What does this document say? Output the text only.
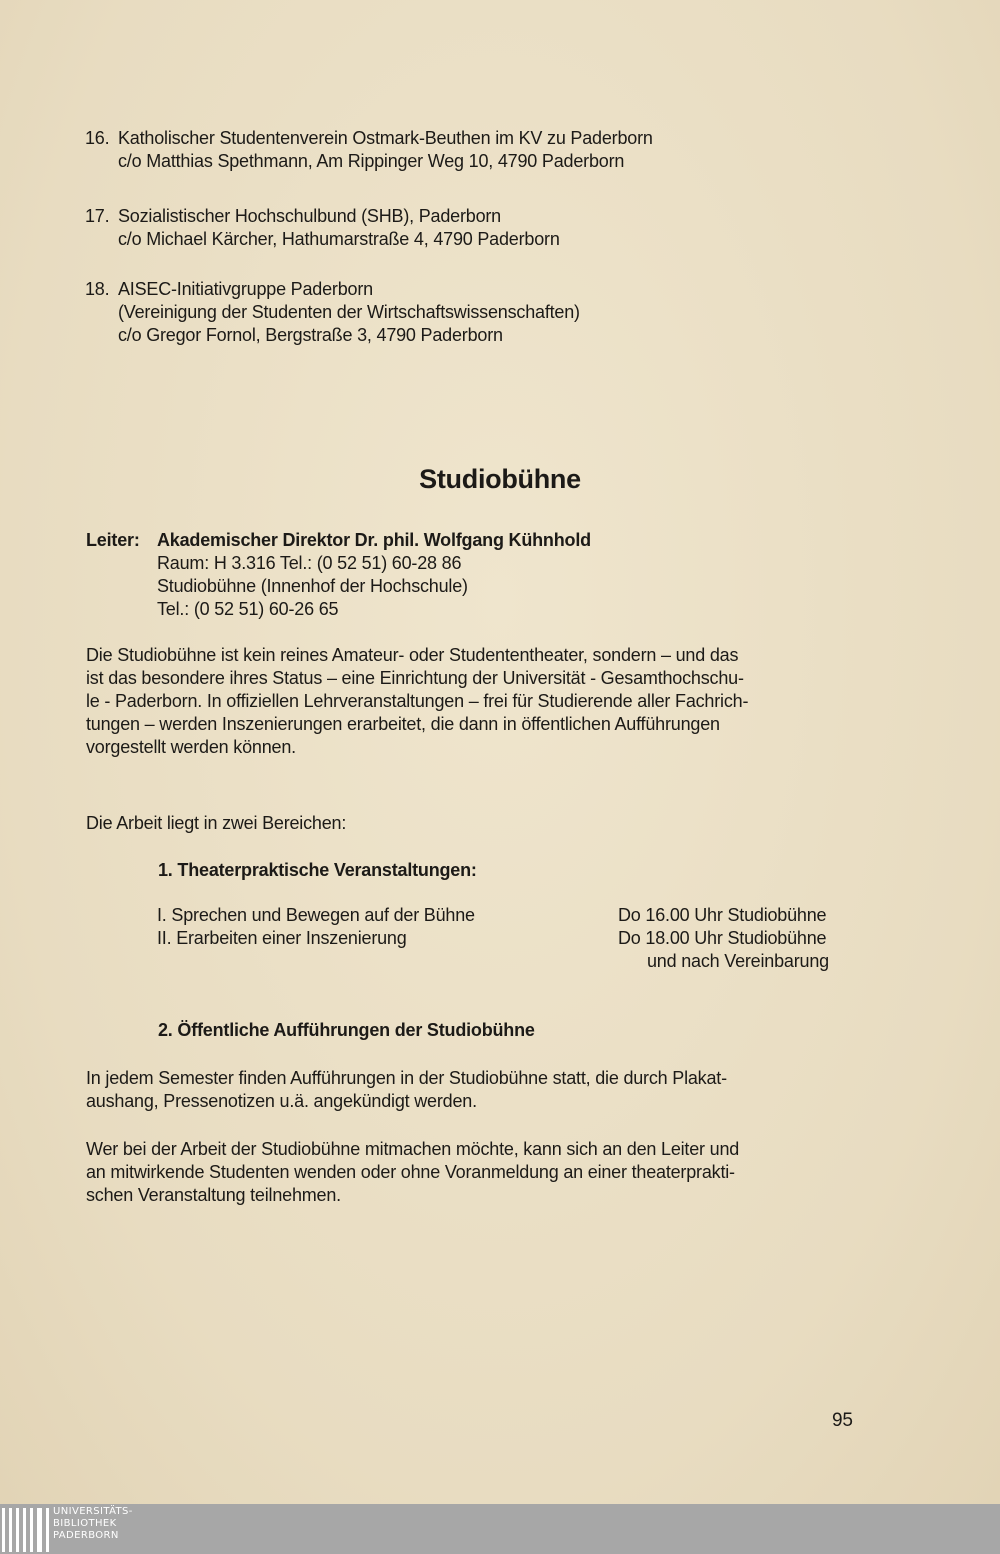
16. Katholischer Studentenverein Ostmark-Beuthen im KV zu Paderborn
c/o Matthias Spethmann, Am Rippinger Weg 10, 4790 Paderborn
17. Sozialistischer Hochschulbund (SHB), Paderborn
c/o Michael Kärcher, Hathumarstraße 4, 4790 Paderborn
18. AISEC-Initiativgruppe Paderborn
(Vereinigung der Studenten der Wirtschaftswissenschaften)
c/o Gregor Fornol, Bergstraße 3, 4790 Paderborn
Studiobühne
Leiter: Akademischer Direktor Dr. phil. Wolfgang Kühnhold
Raum: H 3.316 Tel.: (0 52 51) 60-28 86
Studiobühne (Innenhof der Hochschule)
Tel.: (0 52 51) 60-26 65
Die Studiobühne ist kein reines Amateur- oder Studententheater, sondern – und das
ist das besondere ihres Status – eine Einrichtung der Universität - Gesamthochschu-
le - Paderborn. In offiziellen Lehrveranstaltungen – frei für Studierende aller Fachrich-
tungen – werden Inszenierungen erarbeitet, die dann in öffentlichen Aufführungen
vorgestellt werden können.
Die Arbeit liegt in zwei Bereichen:
1. Theaterpraktische Veranstaltungen:
I. Sprechen und Bewegen auf der Bühne	Do 16.00 Uhr Studiobühne
II. Erarbeiten einer Inszenierung	Do 18.00 Uhr Studiobühne
und nach Vereinbarung
2. Öffentliche Aufführungen der Studiobühne
In jedem Semester finden Aufführungen in der Studiobühne statt, die durch Plakat-
aushang, Pressenotizen u.ä. angekündigt werden.
Wer bei der Arbeit der Studiobühne mitmachen möchte, kann sich an den Leiter und
an mitwirkende Studenten wenden oder ohne Voranmeldung an einer theaterprakti-
schen Veranstaltung teilnehmen.
95
UNIVERSITÄTS-
BIBLIOTHEK
PADERBORN
